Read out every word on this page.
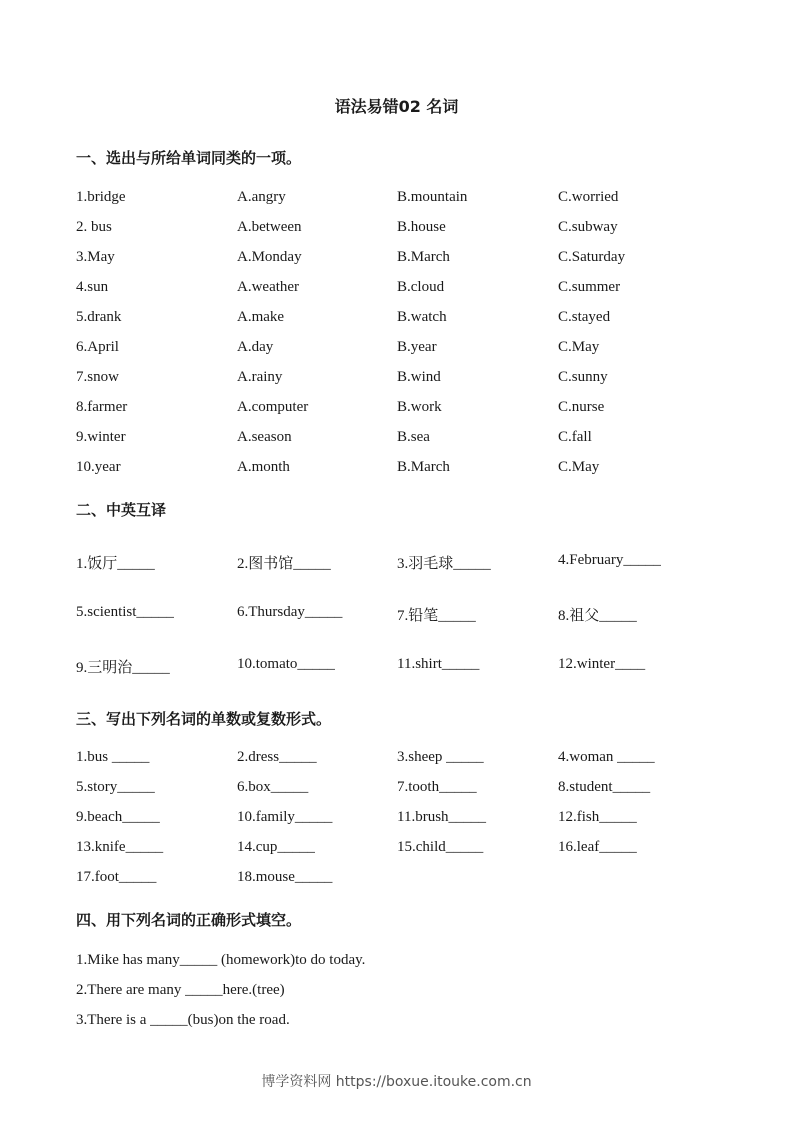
语法易错02 名词
一、选出与所给单词同类的一项。
1.bridge	A.angry	B.mountain	C.worried
2. bus	A.between	B.house	C.subway
3.May	A.Monday	B.March	C.Saturday
4.sun	A.weather	B.cloud	C.summer
5.drank	A.make	B.watch	C.stayed
6.April	A.day	B.year	C.May
7.snow	A.rainy	B.wind	C.sunny
8.farmer	A.computer	B.work	C.nurse
9.winter	A.season	B.sea	C.fall
10.year	A.month	B.March	C.May
二、中英互译
1.饭厅_____	2.图书馆_____	3.羽毛球_____	4.February_____
5.scientist_____	6.Thursday_____	7.铅笔_____	8.祖父_____
9.三明治_____	10.tomato_____	11.shirt_____	12.winter____
三、写出下列名词的单数或复数形式。
1.bus _____	2.dress_____	3.sheep _____	4.woman _____
5.story_____	6.box_____	7.tooth_____	8.student_____
9.beach_____	10.family_____	11.brush_____	12.fish_____
13.knife_____	14.cup_____	15.child_____	16.leaf_____
17.foot_____	18.mouse_____
四、用下列名词的正确形式填空。
1.Mike has many_____ (homework)to do today.
2.There are many _____here.(tree)
3.There is a _____(bus)on the road.
博学资料网 https://boxue.itouke.com.cn
